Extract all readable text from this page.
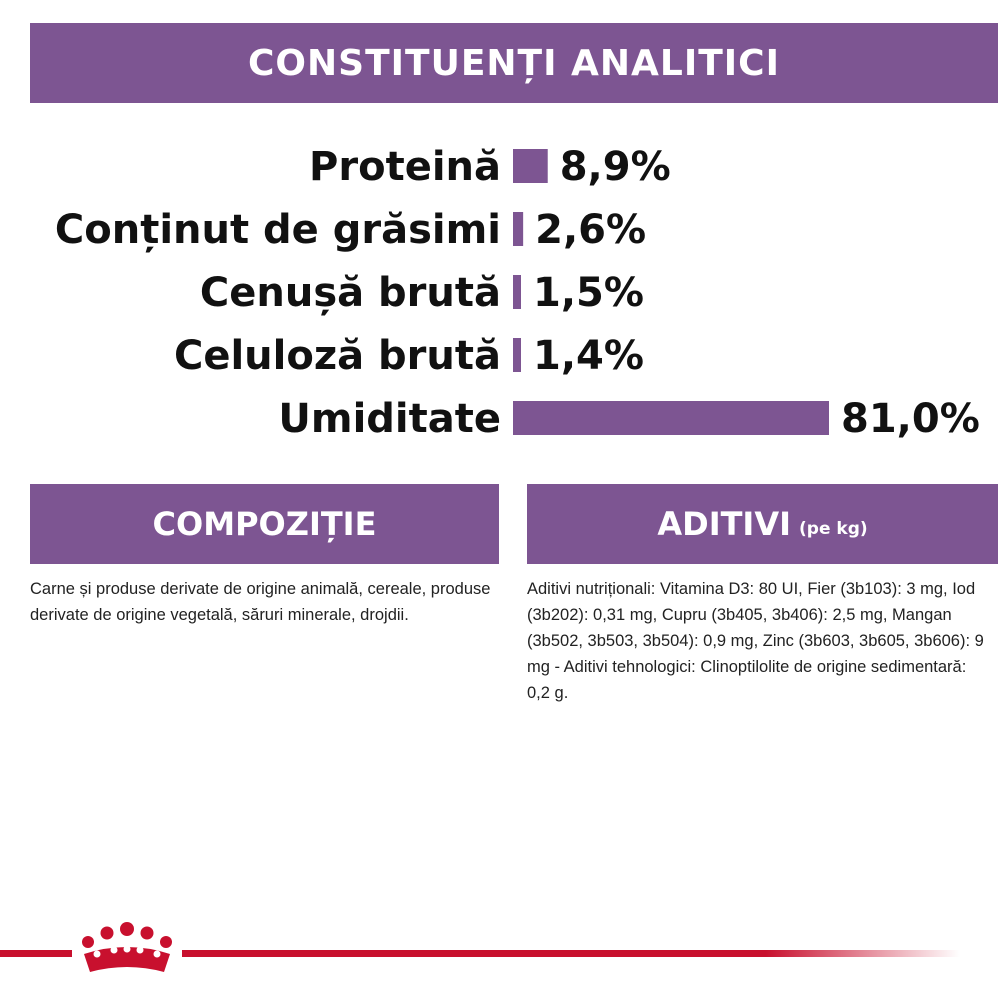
CONSTITUENȚI ANALITICI
Proteină 8,9%
Conținut de grăsimi 2,6%
Cenușă brută 1,5%
Celuloză brută 1,4%
Umiditate	81,0%
COMPOZIȚIE	ADITIVI (pe kg)

Carne și produse derivate de origine animală, cereale, produse derivate de origine vegetală, săruri minerale, drojdii.

Aditivi nutriționali: Vitamina D3: 80 UI, Fier (3b103): 3 mg, Iod (3b202): 0,31 mg, Cupru (3b405, 3b406): 2,5 mg, Mangan (3b502, 3b503, 3b504): 0,9 mg, Zinc (3b603, 3b605, 3b606): 9 mg - Aditivi tehnologici: Clinoptilolite de origine sedimentară: 0,2 g.
